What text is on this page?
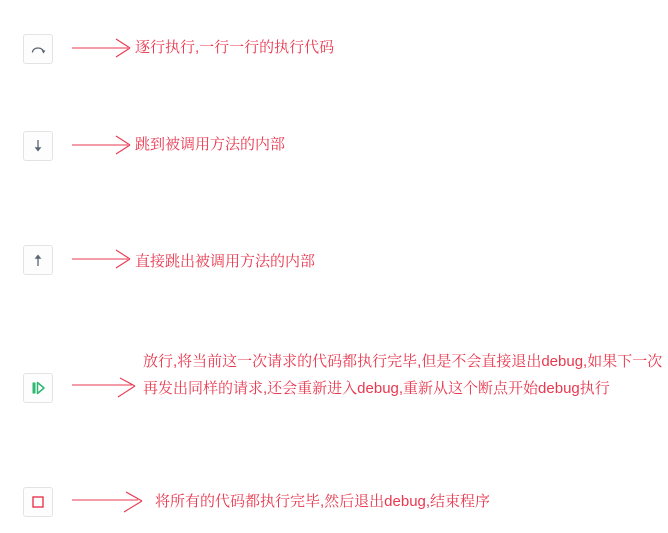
逐行执行,一行一行的执行代码
跳到被调用方法的内部
直接跳出被调用方法的内部
放行,将当前这一次请求的代码都执行完毕,但是不会直接退出debug,如果下一次再发出同样的请求,还会重新进入debug,重新从这个断点开始debug执行
将所有的代码都执行完毕,然后退出debug,结束程序
